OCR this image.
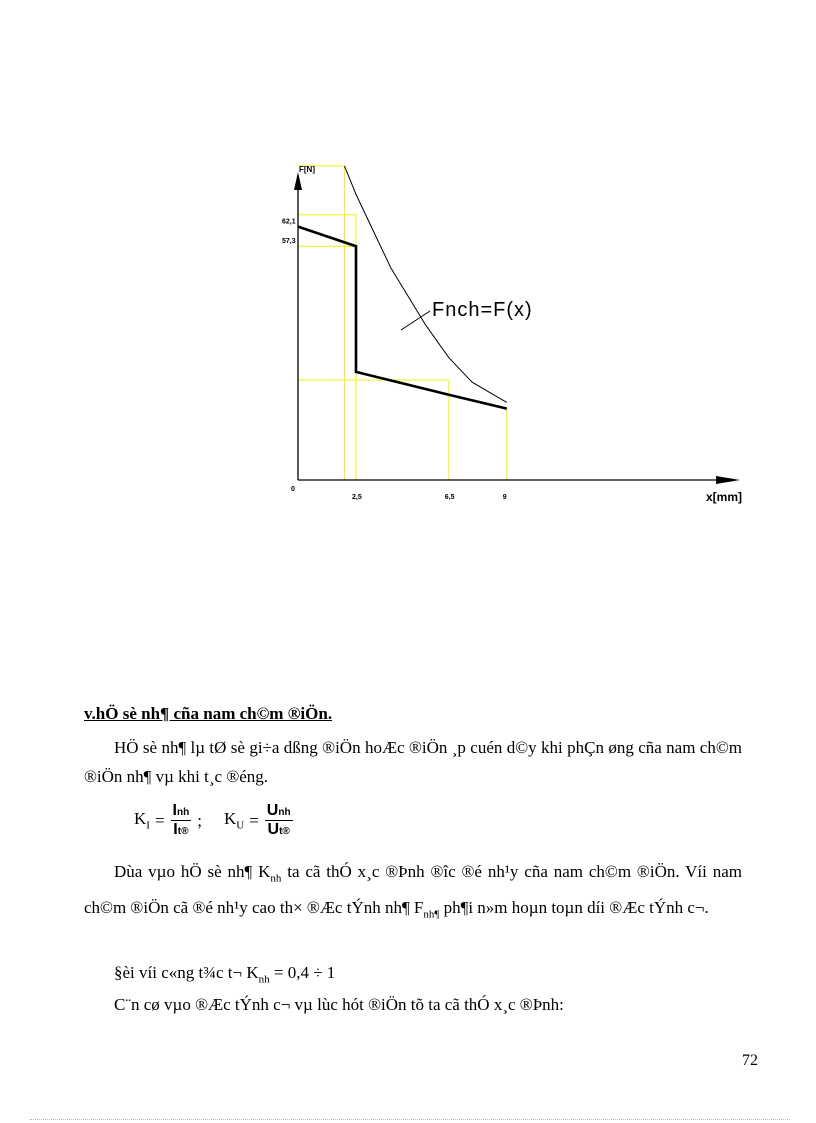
F[N]
x[mm]
0
Fnch=F(x)
2,5	6,5	9
62,1
57,3
v.hÖ sè nh¶ cña nam ch©m ®iÖn.

HÖ sè nh¶ lµ tØ sè gi÷a dßng ®iÖn hoÆc ®iÖn ¸p cuén d©y khi phÇn øng cña nam ch©m ®iÖn nh¶ vµ khi t¸c ®éng.

$K_I = \frac{\text{Inh}}{It®}$ ; $K_U = \frac{\text{Unh}}{Ut®}$

Dùa vµo hÖ sè nh¶ $K_{nh}$ ta cã thÓ x¸c ®Þnh ®îc ®é nh¹y cña nam ch©m ®iÖn. Víi nam ch©m ®iÖn cã ®é nh¹y cao th× ®Æc tÝnh nh¶ $F_{nh\P}$ ph¶i n»m hoµn toµn díi ®Æc tÝnh c¬.

§èi víi c«ng t¾c t¬ $K_{nh} = 0,4 \div 1$

C¨n cø vµo ®Æc tÝnh c¬ vµ lùc hót ®iÖn tõ ta cã thÓ x¸c ®Þnh:

72
